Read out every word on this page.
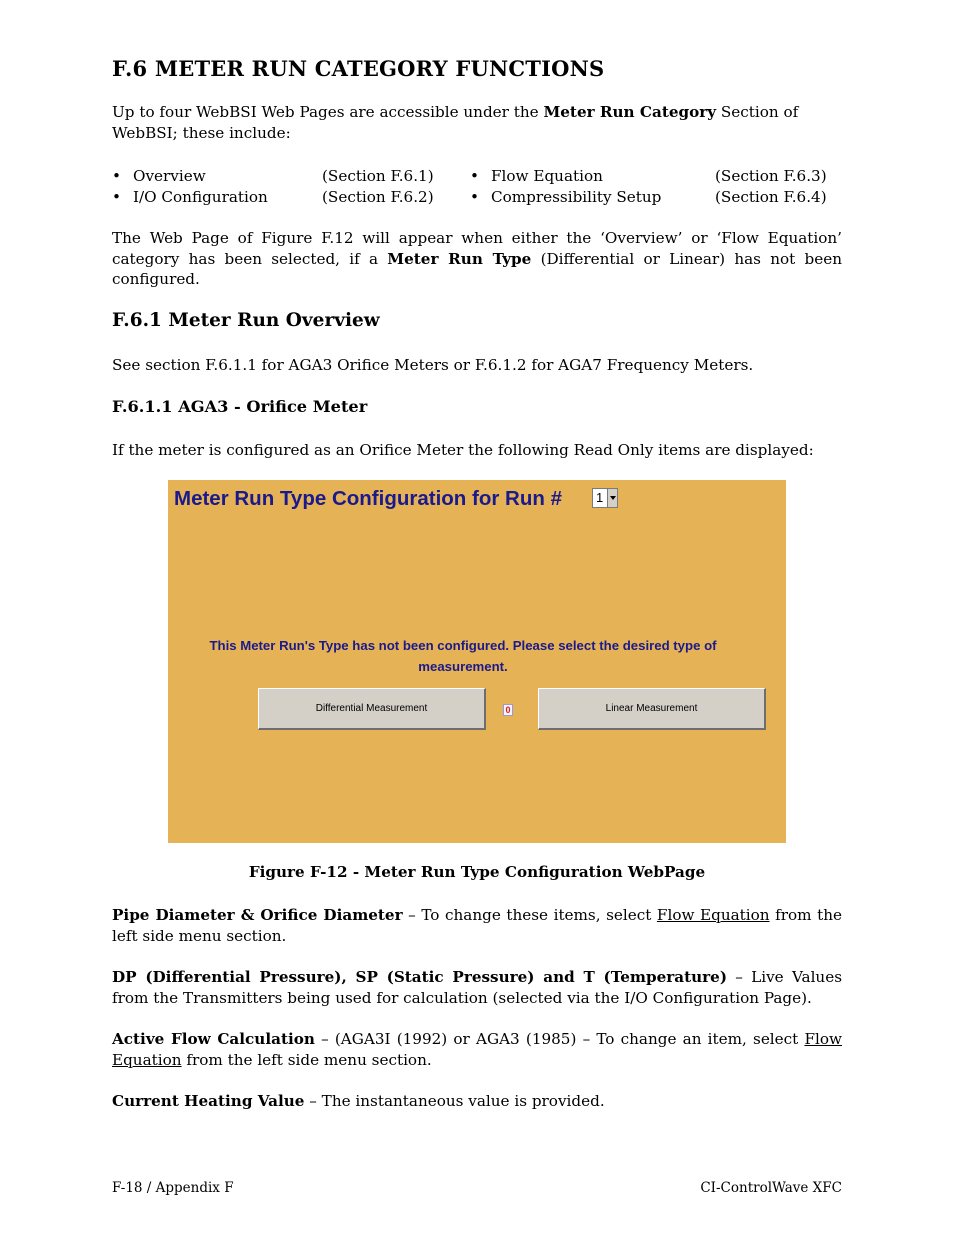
F.6 METER RUN CATEGORY FUNCTIONS

Up to four WebBSI Web Pages are accessible under the Meter Run Category Section of WebBSI; these include:

• Overview	(Section F.6.1)
• I/O Configuration	(Section F.6.2)
• Flow Equation	(Section F.6.3)
• Compressibility Setup	(Section F.6.4)

The Web Page of Figure F.12 will appear when either the ‘Overview’ or ‘Flow Equation’ category has been selected, if a Meter Run Type (Differential or Linear) has not been configured.

F.6.1 Meter Run Overview

See section F.6.1.1 for AGA3 Orifice Meters or F.6.1.2 for AGA7 Frequency Meters.

F.6.1.1 AGA3 - Orifice Meter

If the meter is configured as an Orifice Meter the following Read Only items are displayed:

Meter Run Type Configuration for Run #	1
This Meter Run's Type has not been configured. Please select the desired type of
measurement.
Differential Measurement	0	Linear Measurement
Figure F-12 - Meter Run Type Configuration WebPage

Pipe Diameter & Orifice Diameter – To change these items, select Flow Equation from the left side menu section.

DP (Differential Pressure), SP (Static Pressure) and T (Temperature) – Live Values from the Transmitters being used for calculation (selected via the I/O Configuration Page).

Active Flow Calculation – (AGA3I (1992) or AGA3 (1985) – To change an item, select Flow Equation from the left side menu section.

Current Heating Value – The instantaneous value is provided.

F-18 / Appendix F	CI-ControlWave XFC
